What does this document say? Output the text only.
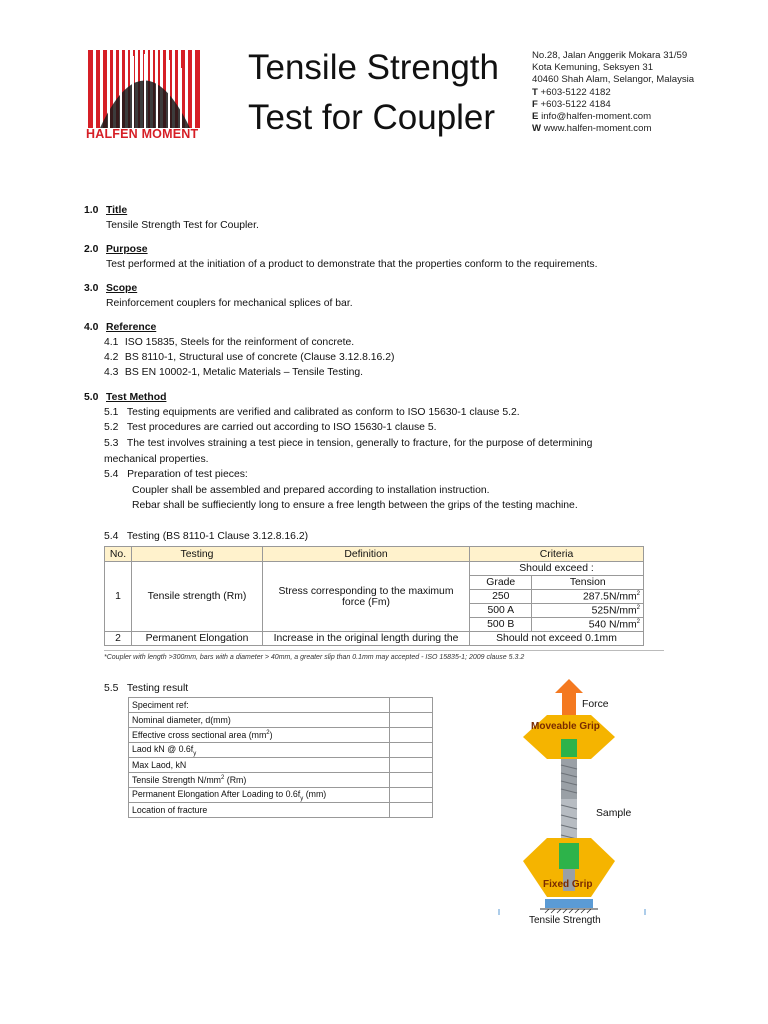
HALFEN MOMENT
Tensile Strength
Test for Coupler
No.28, Jalan Anggerik Mokara 31/59
Kota Kemuning, Seksyen 31
40460 Shah Alam, Selangor, Malaysia
T +603-5122 4182
F +603-5122 4184
E info@halfen-moment.com
W www.halfen-moment.com
1.0 Title
Tensile Strength Test for Coupler.
2.0 Purpose
Test performed at the initiation of a product to demonstrate that the properties conform to the requirements.
3.0 Scope
Reinforcement couplers for mechanical splices of bar.
4.0 Reference
4.1 ISO 15835, Steels for the reinforment of concrete.
4.2 BS 8110-1, Structural use of concrete (Clause 3.12.8.16.2)
4.3 BS EN 10002-1, Metalic Materials – Tensile Testing.
5.0 Test Method
5.1   Testing equipments are verified and calibrated as conform to ISO 15630-1 clause 5.2.
5.2   Test procedures are carried out according to ISO 15630-1 clause 5.
5.3   The test involves straining a test piece in tension, generally to fracture, for the purpose of determining
mechanical properties.
5.4   Preparation of test pieces:
Coupler shall be assembled and prepared according to installation instruction.
Rebar shall be suffieciently long to ensure a free length between the grips of the testing machine.
5.4   Testing (BS 8110-1 Clause 3.12.8.16.2)
No.	Testing	Definition	Criteria	
1	Tensile strength (Rm)	Stress corresponding to the maximum force (Fm)	Should exceed :	
			Grade	Tension
			250	$287.5N/mm^2$
			500 A	$525N/mm^2$
			500 B	540 $N/mm^2$
2	Permanent Elongation	Increase in the original length during the	Should not exceed 0.1mm	
*Coupler with length >300mm, bars with a diameter > 40mm, a greater slip than 0.1mm may accepted - ISO 15835-1; 2009 clause 5.3.2
5.5   Testing result
Speciment ref:	
Nominal diameter, d(mm)	
Effective cross sectional area $(mm^2)$	
Laod kN @ $0.6f_y$	
Max Laod, kN	
Tensile Strength $N/mm^2$ (Rm)	
Permanent Elongation After Loading to $0.6f_y$ (mm)	
Location of fracture	
Force
Moveable Grip
Sample
Fixed Grip
Tensile Strength
